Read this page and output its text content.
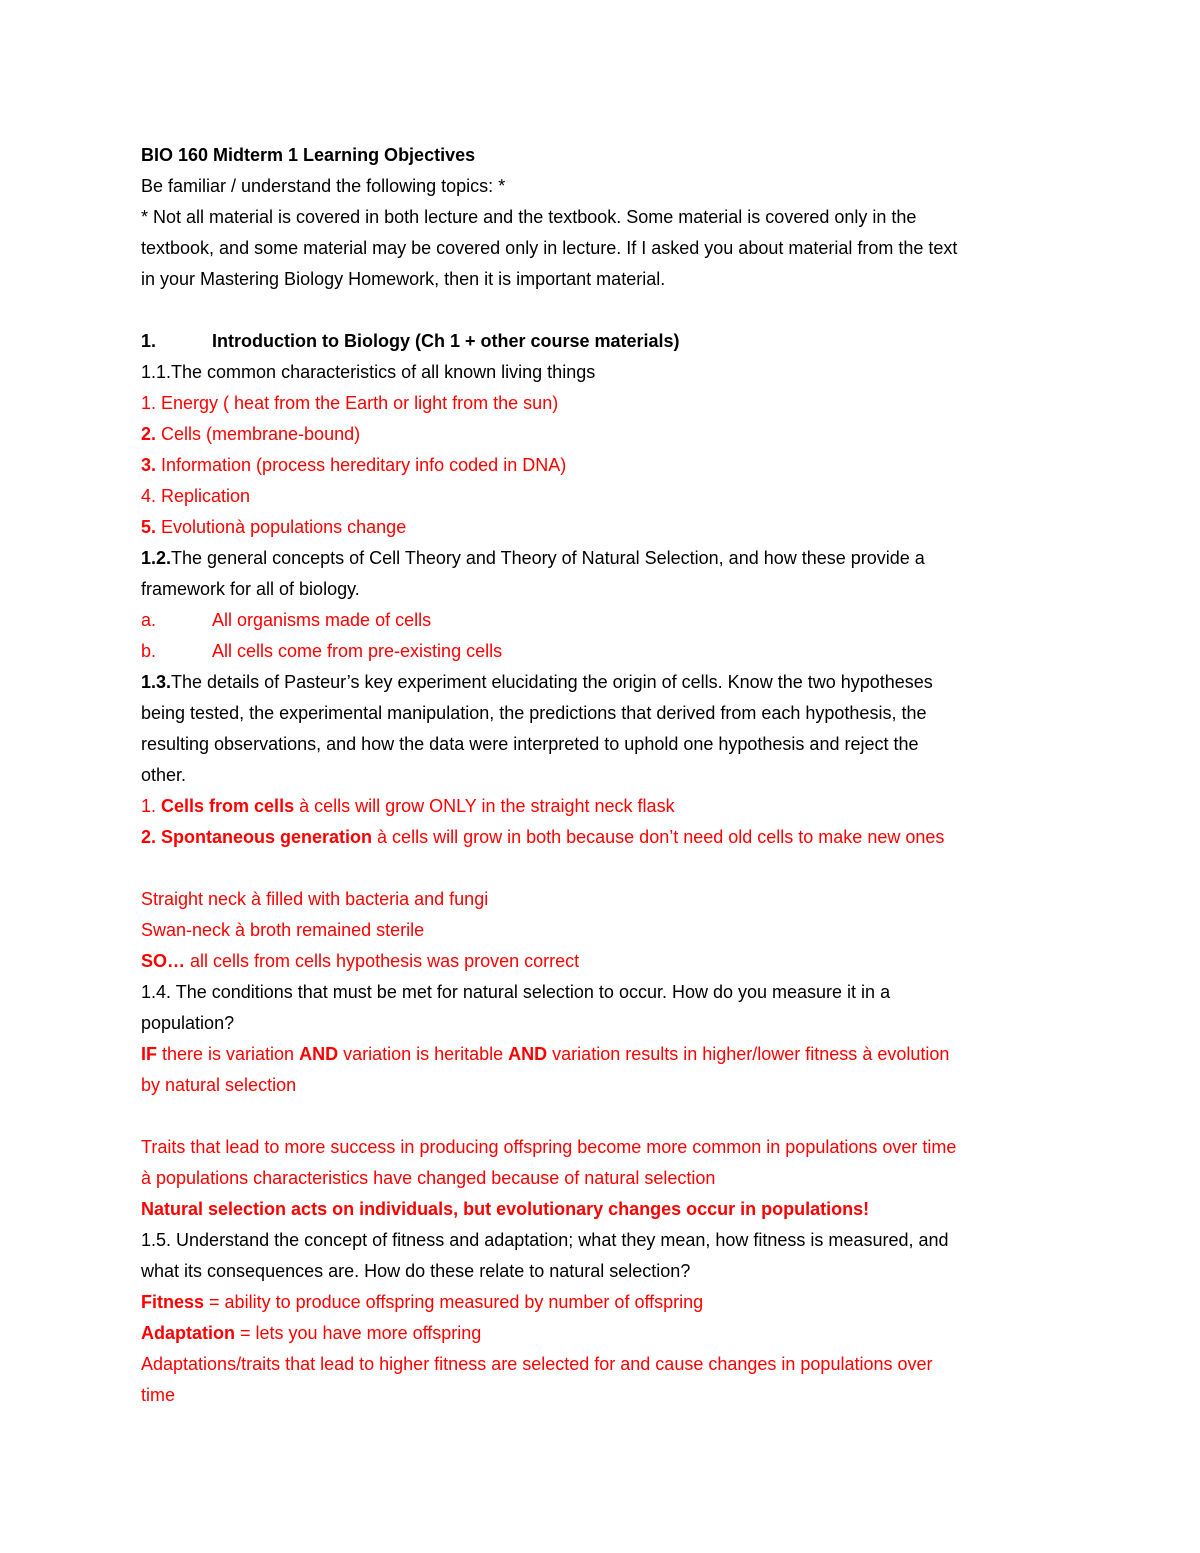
BIO 160 Midterm 1 Learning Objectives
Be familiar / understand the following topics: *
* Not all material is covered in both lecture and the textbook. Some material is covered only in the
textbook, and some material may be covered only in lecture. If I asked you about material from the text
in your Mastering Biology Homework, then it is important material.
1.	Introduction to Biology (Ch 1 + other course materials)
1.1.The common characteristics of all known living things
1. Energy ( heat from the Earth or light from the sun)
2. Cells (membrane-bound)
3. Information (process hereditary info coded in DNA)
4. Replication
5. Evolutionà populations change
1.2.The general concepts of Cell Theory and Theory of Natural Selection, and how these provide a
framework for all of biology.
a.	All organisms made of cells
b.	All cells come from pre-existing cells
1.3.The details of Pasteur’s key experiment elucidating the origin of cells. Know the two hypotheses
being tested, the experimental manipulation, the predictions that derived from each hypothesis, the
resulting observations, and how the data were interpreted to uphold one hypothesis and reject the
other.
1. Cells from cells à cells will grow ONLY in the straight neck flask
2. Spontaneous generation à cells will grow in both because don’t need old cells to make new ones
Straight neck à filled with bacteria and fungi
Swan-neck à broth remained sterile
SO… all cells from cells hypothesis was proven correct
1.4. The conditions that must be met for natural selection to occur. How do you measure it in a
population?
IF there is variation AND variation is heritable AND variation results in higher/lower fitness à evolution
by natural selection
Traits that lead to more success in producing offspring become more common in populations over time
à populations characteristics have changed because of natural selection
Natural selection acts on individuals, but evolutionary changes occur in populations!
1.5. Understand the concept of fitness and adaptation; what they mean, how fitness is measured, and
what its consequences are. How do these relate to natural selection?
Fitness = ability to produce offspring measured by number of offspring
Adaptation = lets you have more offspring
Adaptations/traits that lead to higher fitness are selected for and cause changes in populations over
time
